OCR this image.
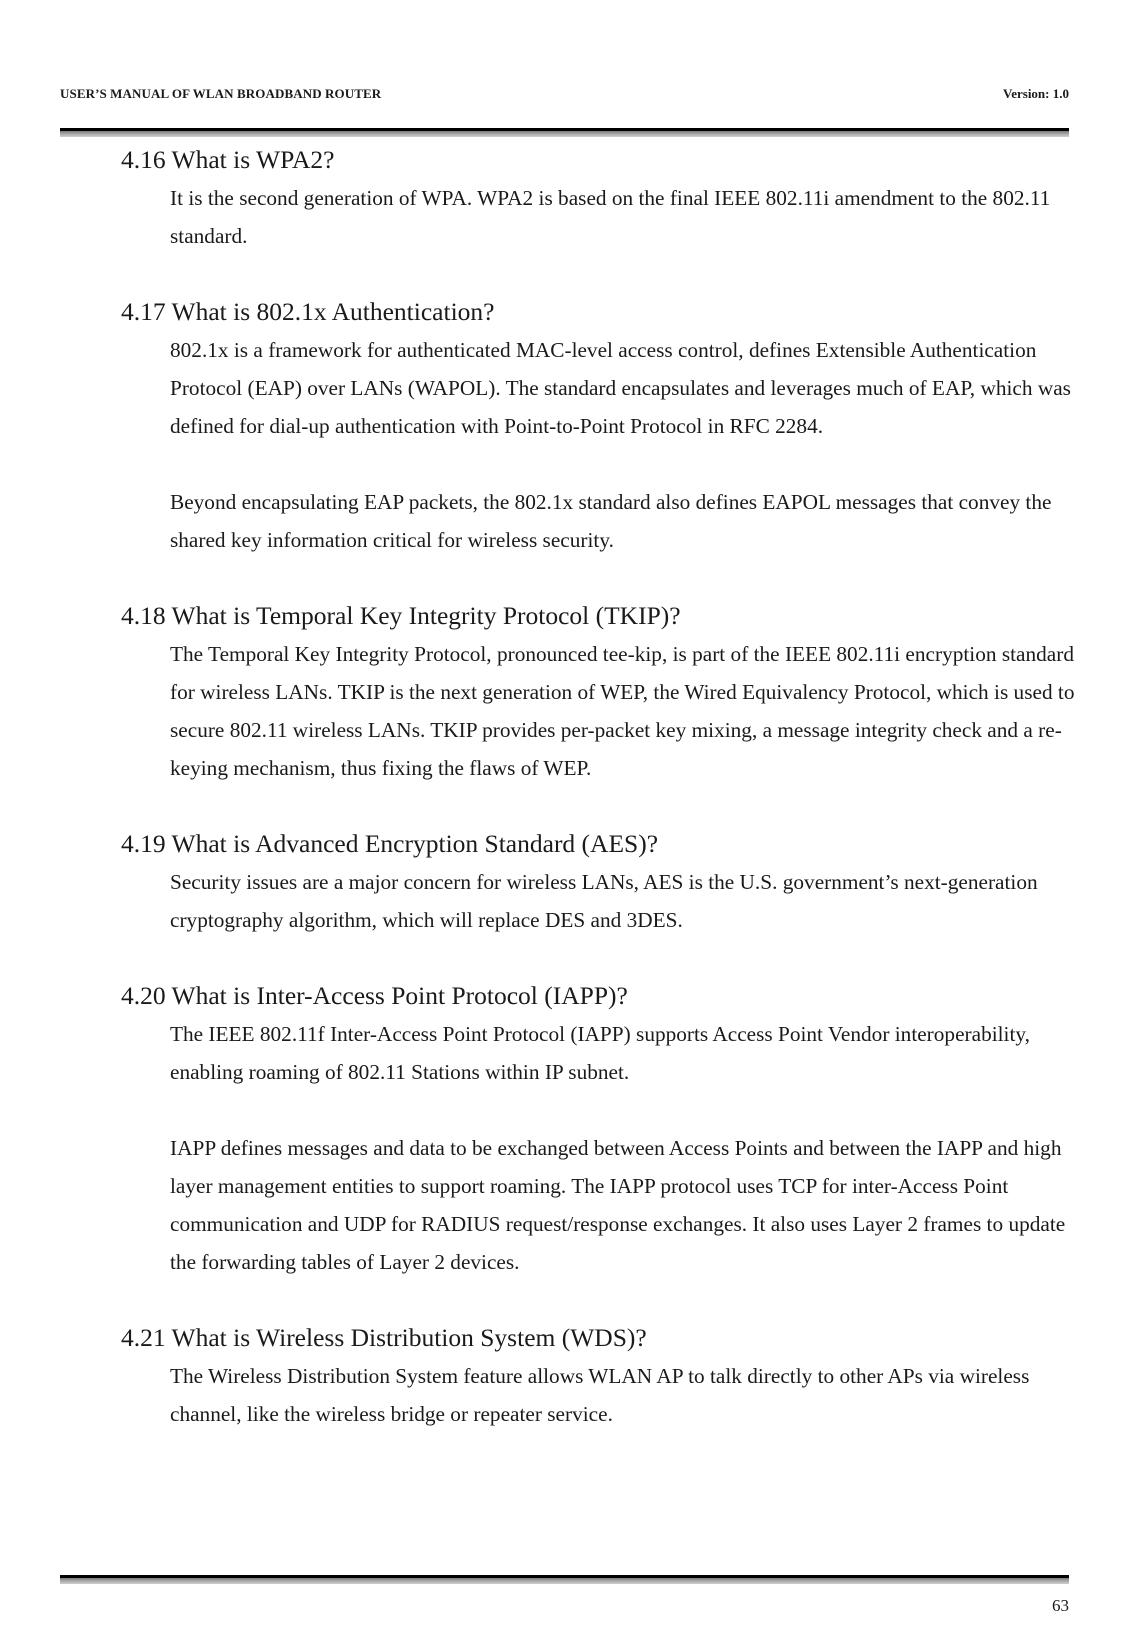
USER’S MANUAL OF WLAN BROADBAND ROUTER	Version: 1.0
4.16 What is WPA2?

It is the second generation of WPA. WPA2 is based on the final IEEE 802.11i amendment to the 802.11 standard.

4.17 What is 802.1x Authentication?

802.1x is a framework for authenticated MAC-level access control, defines Extensible Authentication Protocol (EAP) over LANs (WAPOL). The standard encapsulates and leverages much of EAP, which was defined for dial-up authentication with Point-to-Point Protocol in RFC 2284.

Beyond encapsulating EAP packets, the 802.1x standard also defines EAPOL messages that convey the shared key information critical for wireless security.

4.18 What is Temporal Key Integrity Protocol (TKIP)?

The Temporal Key Integrity Protocol, pronounced tee-kip, is part of the IEEE 802.11i encryption standard for wireless LANs. TKIP is the next generation of WEP, the Wired Equivalency Protocol, which is used to secure 802.11 wireless LANs. TKIP provides per-packet key mixing, a message integrity check and a re-keying mechanism, thus fixing the flaws of WEP.

4.19 What is Advanced Encryption Standard (AES)?

Security issues are a major concern for wireless LANs, AES is the U.S. government’s next-generation cryptography algorithm, which will replace DES and 3DES.

4.20 What is Inter-Access Point Protocol (IAPP)?

The IEEE 802.11f Inter-Access Point Protocol (IAPP) supports Access Point Vendor interoperability, enabling roaming of 802.11 Stations within IP subnet.

IAPP defines messages and data to be exchanged between Access Points and between the IAPP and high layer management entities to support roaming. The IAPP protocol uses TCP for inter-Access Point communication and UDP for RADIUS request/response exchanges. It also uses Layer 2 frames to update the forwarding tables of Layer 2 devices.

4.21 What is Wireless Distribution System (WDS)?

The Wireless Distribution System feature allows WLAN AP to talk directly to other APs via wireless channel, like the wireless bridge or repeater service.

63
